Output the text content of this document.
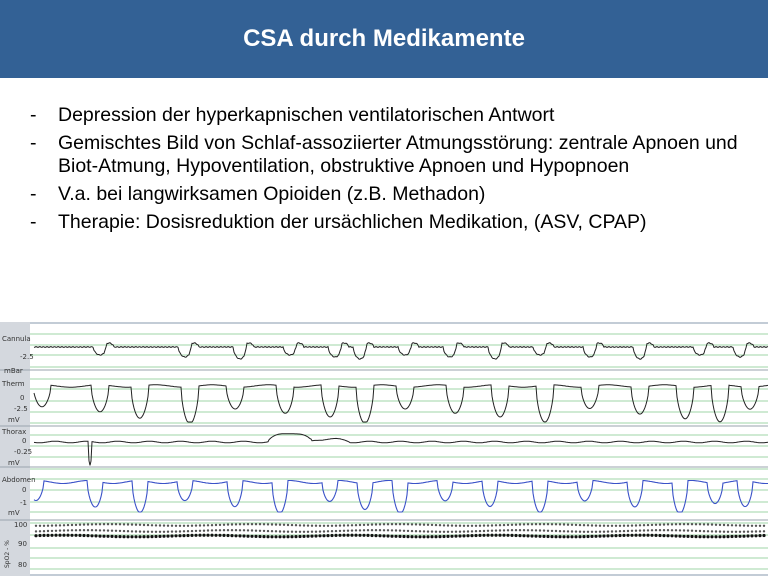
CSA durch Medikamente
- Depression der hyperkapnischen ventilatorischen Antwort
- Gemischtes Bild von Schlaf-assoziierter Atmungsstörung: zentrale Apnoen und Biot-Atmung, Hypoventilation, obstruktive Apnoen und Hypopnoen
- V.a. bei langwirksamen Opioiden (z.B. Methadon)
- Therapie: Dosisreduktion der ursächlichen Medikation, (ASV, CPAP)
Cannula
-2.5
mBar
Therm
0
-2.5
mV
Thorax
0
-0.25
mV
Abdomen
0
-1
mV
SpO2 - %
100
90
80
